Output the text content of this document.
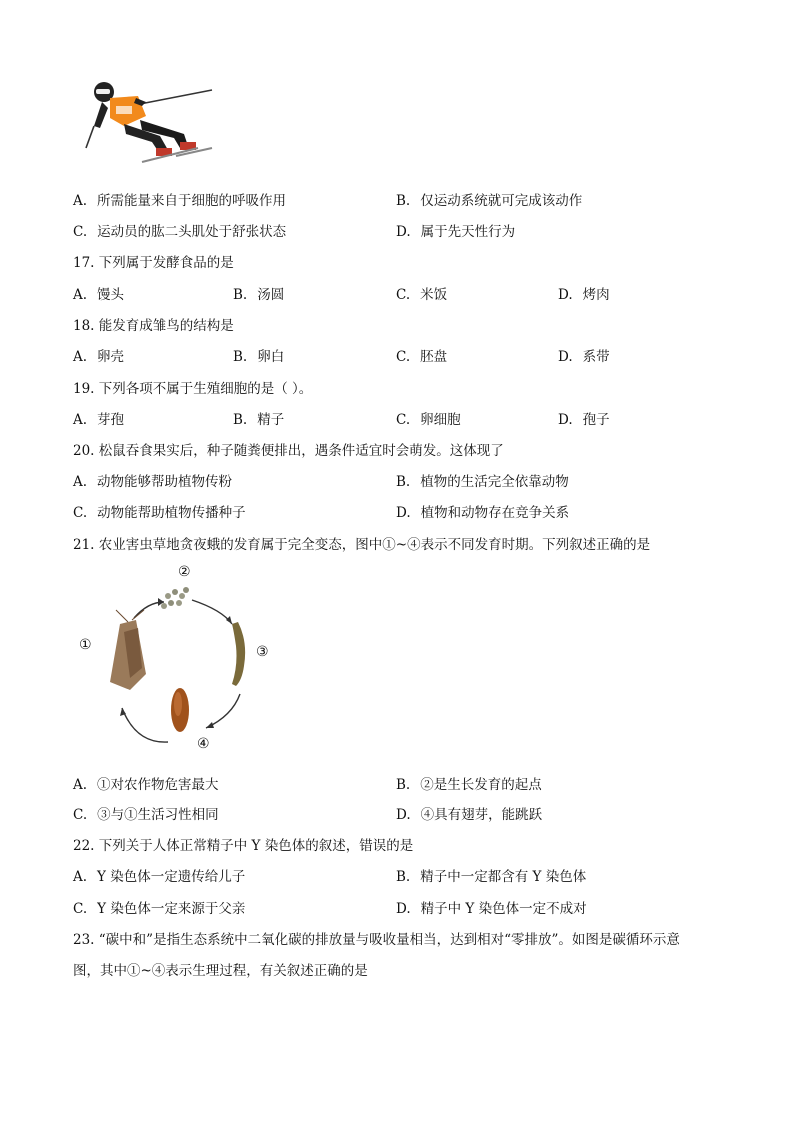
A. 所需能量来自于细胞的呼吸作用	B. 仅运动系统就可完成该动作
C. 运动员的肱二头肌处于舒张状态	D. 属于先天性行为
17. 下列属于发酵食品的是
A. 馒头	B. 汤圆	C. 米饭	D. 烤肉
18. 能发育成雏鸟的结构是
A. 卵壳	B. 卵白	C. 胚盘	D. 系带
19. 下列各项不属于生殖细胞的是（ ）。
A. 芽孢	B. 精子	C. 卵细胞	D. 孢子
20. 松鼠吞食果实后，种子随粪便排出，遇条件适宜时会萌发。这体现了
A. 动物能够帮助植物传粉	B. 植物的生活完全依靠动物
C. 动物能帮助植物传播种子	D. 植物和动物存在竞争关系
21. 农业害虫草地贪夜蛾的发育属于完全变态，图中①~④表示不同发育时期。下列叙述正确的是
①
②
③
④
A. ①对农作物危害最大	B. ②是生长发育的起点
C. ③与①生活习性相同	D. ④具有翅芽，能跳跃
22. 下列关于人体正常精子中 Y 染色体的叙述，错误的是
A. Y 染色体一定遗传给儿子	B. 精子中一定都含有 Y 染色体
C. Y 染色体一定来源于父亲	D. 精子中 Y 染色体一定不成对
23. “碳中和”是指生态系统中二氧化碳的排放量与吸收量相当，达到相对“零排放”。如图是碳循环示意
图，其中①~④表示生理过程，有关叙述正确的是
